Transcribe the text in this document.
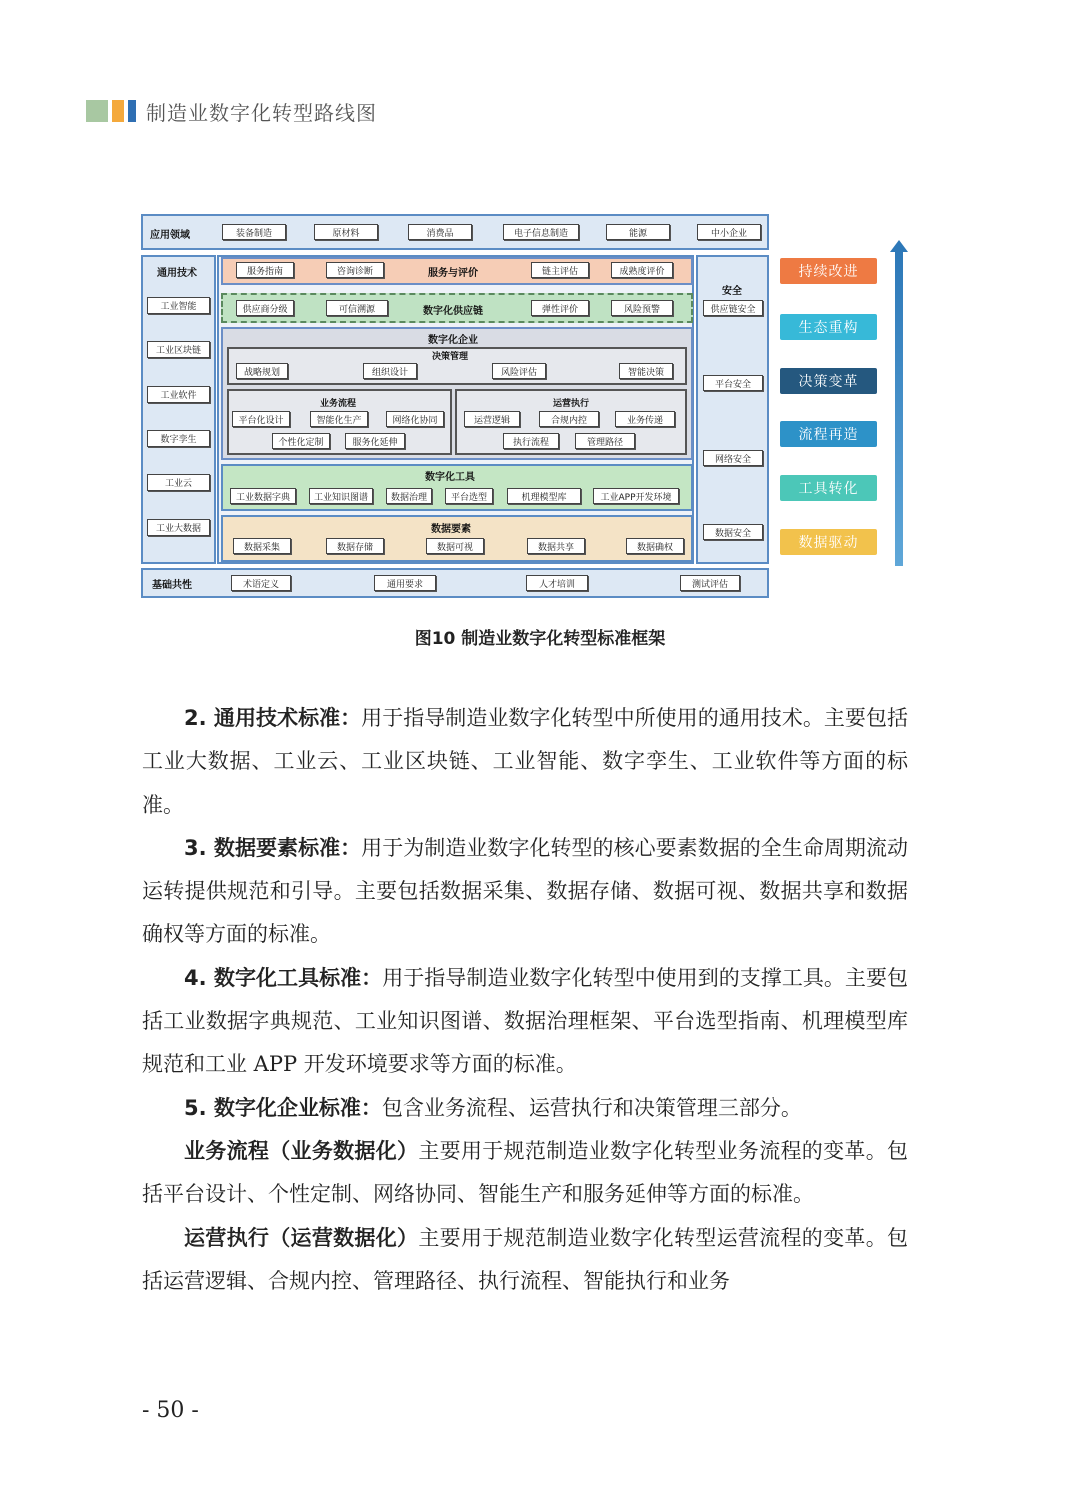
制造业数字化转型路线图
应用领域	装备制造	原材料	消费品	电子信息制造	能源	中小企业
通用技术
工业智能
工业区块链
工业软件
数字孪生
工业云
工业大数据
服务指南	咨询诊断	服务与评价	链主评估	成熟度评价
供应商分级	可信溯源	数字化供应链	弹性评价	风险预警
数字化企业
决策管理
战略规划	组织设计	风险评估	智能决策
业务流程
平台化设计	智能化生产	网络化协同
个性化定制	服务化延伸
运营执行
运营逻辑	合规内控	业务传递
执行流程	管理路径
数字化工具
工业数据字典	工业知识图谱	数据治理	平台选型	机理模型库	工业APP开发环境
数据要素
数据采集	数据存储	数据可视	数据共享	数据确权
安全
供应链安全
平台安全
网络安全
数据安全
基础共性	术语定义	通用要求	人才培训	测试评估
持续改进
生态重构
决策变革
流程再造
工具转化
数据驱动
图10 制造业数字化转型标准框架

2. 通用技术标准：用于指导制造业数字化转型中所使用的通用技术。主要包括工业大数据、工业云、工业区块链、工业智能、数字孪生、工业软件等方面的标准。

3. 数据要素标准：用于为制造业数字化转型的核心要素数据的全生命周期流动运转提供规范和引导。主要包括数据采集、数据存储、数据可视、数据共享和数据确权等方面的标准。

4. 数字化工具标准：用于指导制造业数字化转型中使用到的支撑工具。主要包括工业数据字典规范、工业知识图谱、数据治理框架、平台选型指南、机理模型库规范和工业 APP 开发环境要求等方面的标准。

5. 数字化企业标准：包含业务流程、运营执行和决策管理三部分。

业务流程（业务数据化）主要用于规范制造业数字化转型业务流程的变革。包括平台设计、个性定制、网络协同、智能生产和服务延伸等方面的标准。

运营执行（运营数据化）主要用于规范制造业数字化转型运营流程的变革。包括运营逻辑、合规内控、管理路径、执行流程、智能执行和业务

- 50 -
